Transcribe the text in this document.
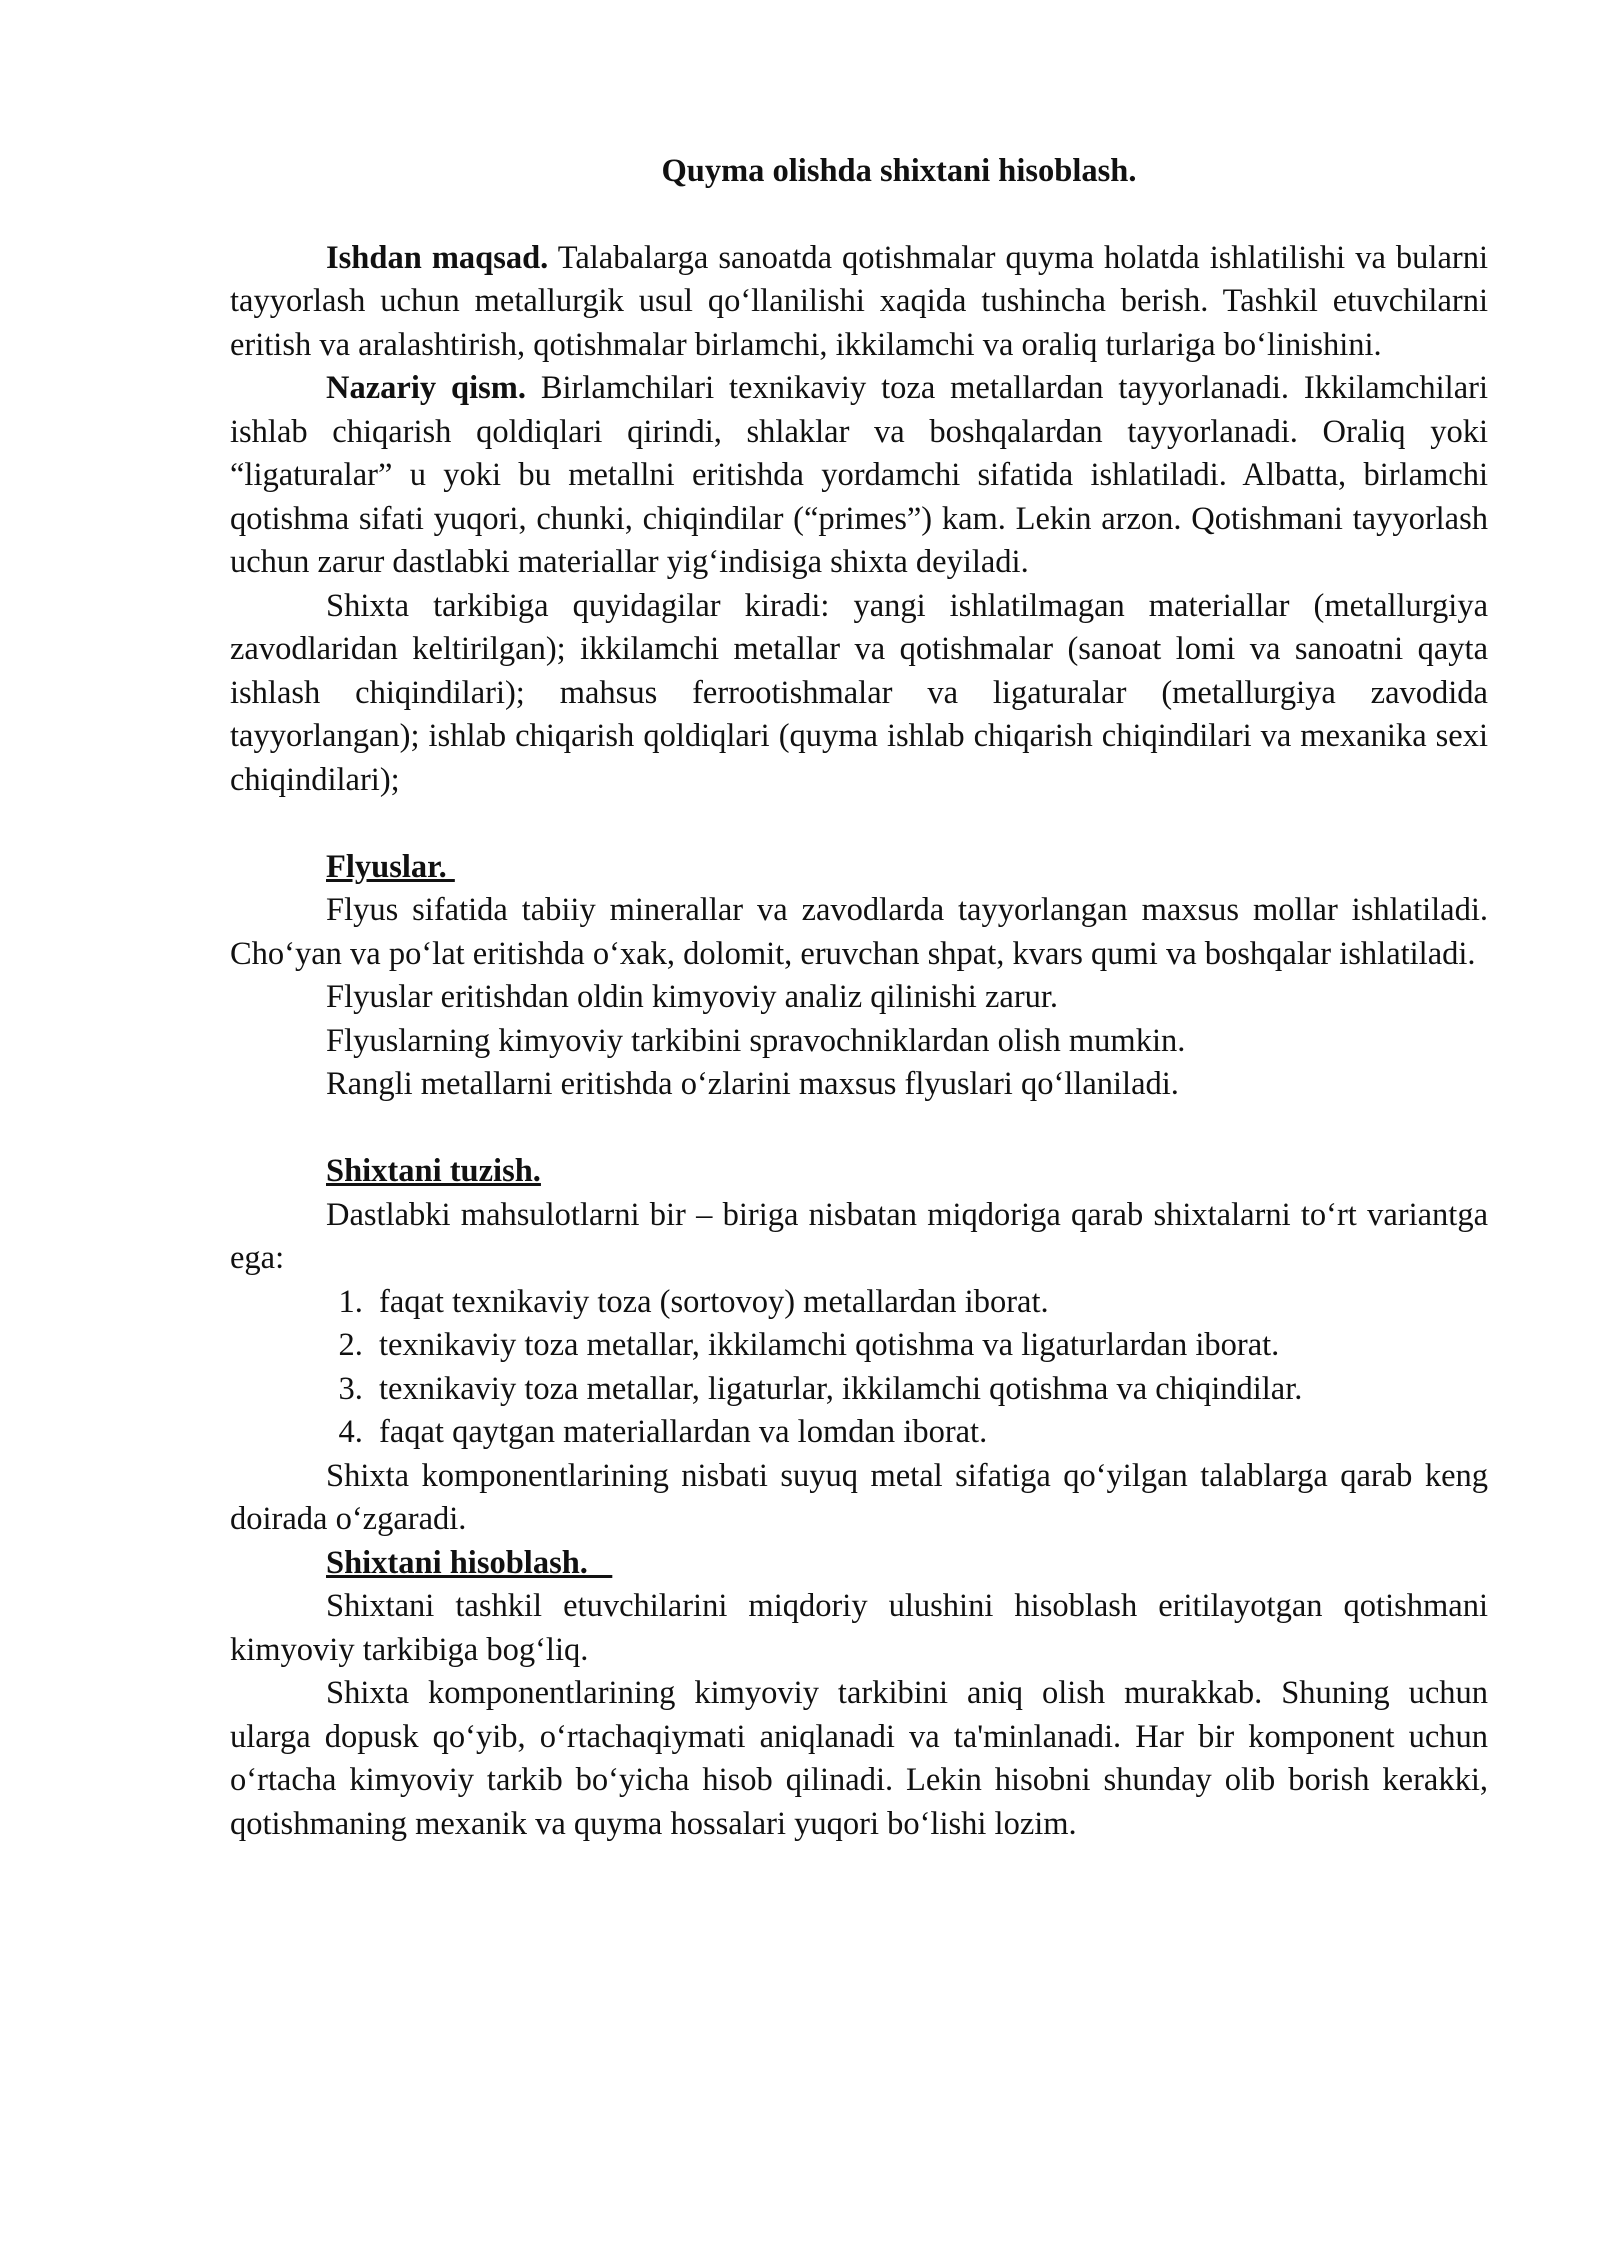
Quyma olishda shixtani hisoblash.

Ishdan maqsad. Talabalarga sanoatda qotishmalar quyma holatda ishlatilishi va bularni tayyorlash uchun metallurgik usul qo‘llanilishi xaqida tushincha berish. Tashkil etuvchilarni eritish va aralashtirish, qotishmalar birlamchi, ikkilamchi va oraliq turlariga bo‘linishini.

Nazariy qism. Birlamchilari texnikaviy toza metallardan tayyorlanadi. Ikkilamchilari ishlab chiqarish qoldiqlari qirindi, shlaklar va boshqalardan tayyorlanadi. Oraliq yoki “ligaturalar” u yoki bu metallni eritishda yordamchi sifatida ishlatiladi. Albatta, birlamchi qotishma sifati yuqori, chunki, chiqindilar (“primes”) kam. Lekin arzon. Qotishmani tayyorlash uchun zarur dastlabki materiallar yig‘indisiga shixta deyiladi.

Shixta tarkibiga quyidagilar kiradi: yangi ishlatilmagan materiallar (metallurgiya zavodlaridan keltirilgan); ikkilamchi metallar va qotishmalar (sanoat lomi va sanoatni qayta ishlash chiqindilari); mahsus ferrootishmalar va ligaturalar (metallurgiya zavodida tayyorlangan); ishlab chiqarish qoldiqlari (quyma ishlab chiqarish chiqindilari va mexanika sexi chiqindilari);

Flyuslar.

Flyus sifatida tabiiy minerallar va zavodlarda tayyorlangan maxsus mollar ishlatiladi. Cho‘yan va po‘lat eritishda o‘xak, dolomit, eruvchan shpat, kvars qumi va boshqalar ishlatiladi.

Flyuslar eritishdan oldin kimyoviy analiz qilinishi zarur.

Flyuslarning kimyoviy tarkibini spravochniklardan olish mumkin.

Rangli metallarni eritishda o‘zlarini maxsus flyuslari qo‘llaniladi.

Shixtani tuzish.

Dastlabki mahsulotlarni bir – biriga nisbatan miqdoriga qarab shixtalarni to‘rt variantga ega:

1. faqat texnikaviy toza (sortovoy) metallardan iborat.
2. texnikaviy toza metallar, ikkilamchi qotishma va ligaturlardan iborat.
3. texnikaviy toza metallar, ligaturlar, ikkilamchi qotishma va chiqindilar.
4. faqat qaytgan materiallardan va lomdan iborat.

Shixta komponentlarining nisbati suyuq metal sifatiga qo‘yilgan talablarga qarab keng doirada o‘zgaradi.

Shixtani hisoblash.

Shixtani tashkil etuvchilarini miqdoriy ulushini hisoblash eritilayotgan qotishmani kimyoviy tarkibiga bog‘liq.

Shixta komponentlarining kimyoviy tarkibini aniq olish murakkab. Shuning uchun ularga dopusk qo‘yib, o‘rtachaqiymati aniqlanadi va ta'minlanadi. Har bir komponent uchun o‘rtacha kimyoviy tarkib bo‘yicha hisob qilinadi. Lekin hisobni shunday olib borish kerakki, qotishmaning mexanik va quyma hossalari yuqori bo‘lishi lozim.
